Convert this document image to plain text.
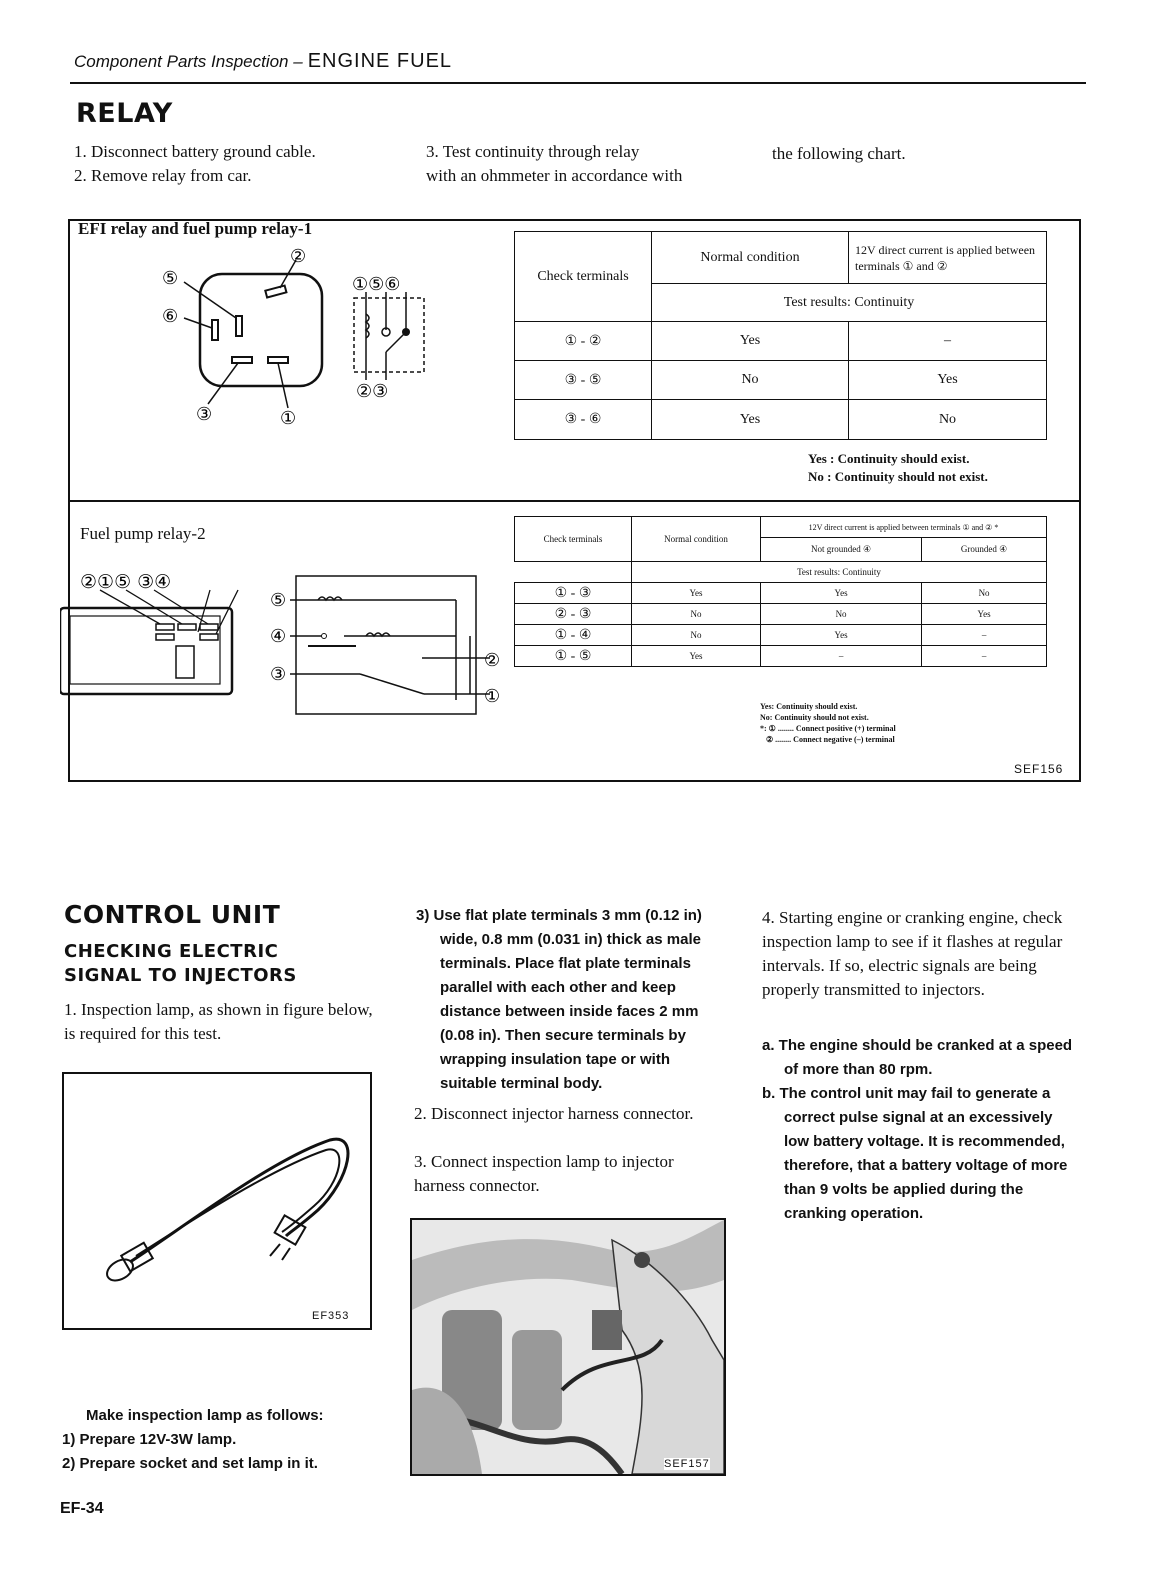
Component Parts Inspection – ENGINE FUEL
RELAY
1. Disconnect battery ground cable.
2. Remove relay from car.
3. Test continuity through relay
with an ohmmeter in accordance with
the following chart.
EFI relay and fuel pump relay-1
②
⑤
⑥
③	①
①⑤⑥
②③
Check terminals	Normal condition	12V direct current is applied between terminals ① and ②
	Test results: Continuity	
① - ②	Yes	–
③ - ⑤	No	Yes
③ - ⑥	Yes	No
Yes : Continuity should exist.
No : Continuity should not exist.
Fuel pump relay-2
②①⑤ ③④
⑤
④
③
②
①
Check terminals	Normal condition	12V direct current is applied between terminals ① and ② *	
		Not grounded ④	Grounded ④
	Test results: Continuity		
① - ③	Yes	Yes	No
② - ③	No	No	Yes
① - ④	No	Yes	–
① - ⑤	Yes	–	–
Yes: Continuity should exist.
No: Continuity should not exist.
*: ① ........ Connect positive (+) terminal
② ........ Connect negative (–) terminal
SEF156
CONTROL UNIT
CHECKING ELECTRIC
SIGNAL TO INJECTORS
1. Inspection lamp, as shown in figure below, is required for this test.
EF353
Make inspection lamp as follows:
1) Prepare 12V-3W lamp.
2) Prepare socket and set lamp in it.
3) Use flat plate terminals 3 mm (0.12 in) wide, 0.8 mm (0.031 in) thick as male terminals. Place flat plate terminals parallel with each other and keep distance between inside faces 2 mm (0.08 in). Then secure terminals by wrapping insulation tape or with suitable terminal body.
2. Disconnect injector harness connector.
3. Connect inspection lamp to injector harness connector.
SEF157
4. Starting engine or cranking engine, check inspection lamp to see if it flashes at regular intervals. If so, electric signals are being properly transmitted to injectors.
a. The engine should be cranked at a speed of more than 80 rpm.
b. The control unit may fail to generate a correct pulse signal at an excessively low battery voltage. It is recommended, therefore, that a battery voltage of more than 9 volts be applied during the cranking operation.
EF-34
